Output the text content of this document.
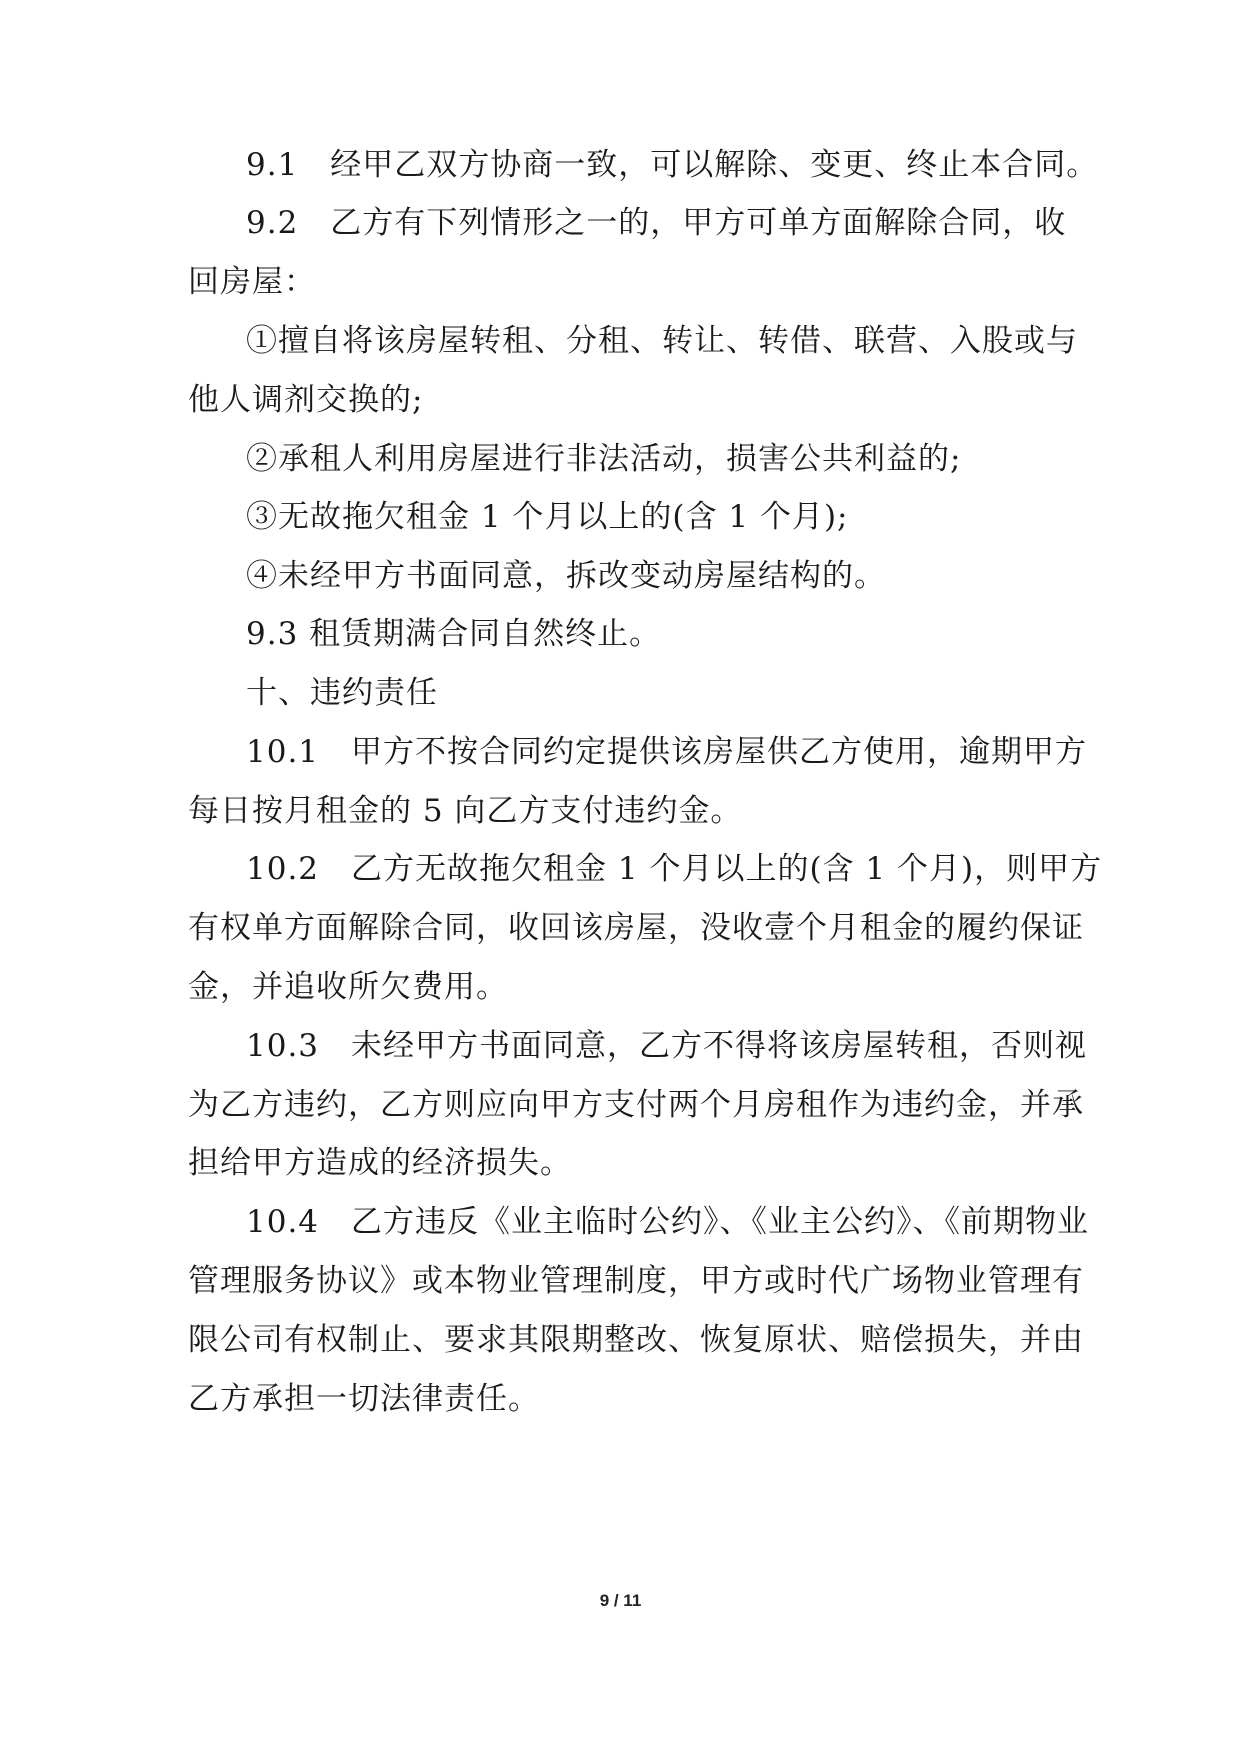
9.1　经甲乙双方协商一致，可以解除、变更、终止本合同。
9.2　乙方有下列情形之一的，甲方可单方面解除合同，收
回房屋：
①擅自将该房屋转租、分租、转让、转借、联营、入股或与
他人调剂交换的;
②承租人利用房屋进行非法活动，损害公共利益的;
③无故拖欠租金 1 个月以上的(含 1 个月);
④未经甲方书面同意，拆改变动房屋结构的。
9.3 租赁期满合同自然终止。
十、违约责任
10.1　甲方不按合同约定提供该房屋供乙方使用，逾期甲方
每日按月租金的 5 向乙方支付违约金。
10.2　乙方无故拖欠租金 1 个月以上的(含 1 个月)，则甲方
有权单方面解除合同，收回该房屋，没收壹个月租金的履约保证
金，并追收所欠费用。
10.3　未经甲方书面同意，乙方不得将该房屋转租，否则视
为乙方违约，乙方则应向甲方支付两个月房租作为违约金，并承
担给甲方造成的经济损失。
10.4　乙方违反《业主临时公约》、《业主公约》、《前期物业
管理服务协议》或本物业管理制度，甲方或时代广场物业管理有
限公司有权制止、要求其限期整改、恢复原状、赔偿损失，并由
乙方承担一切法律责任。
9 / 11
